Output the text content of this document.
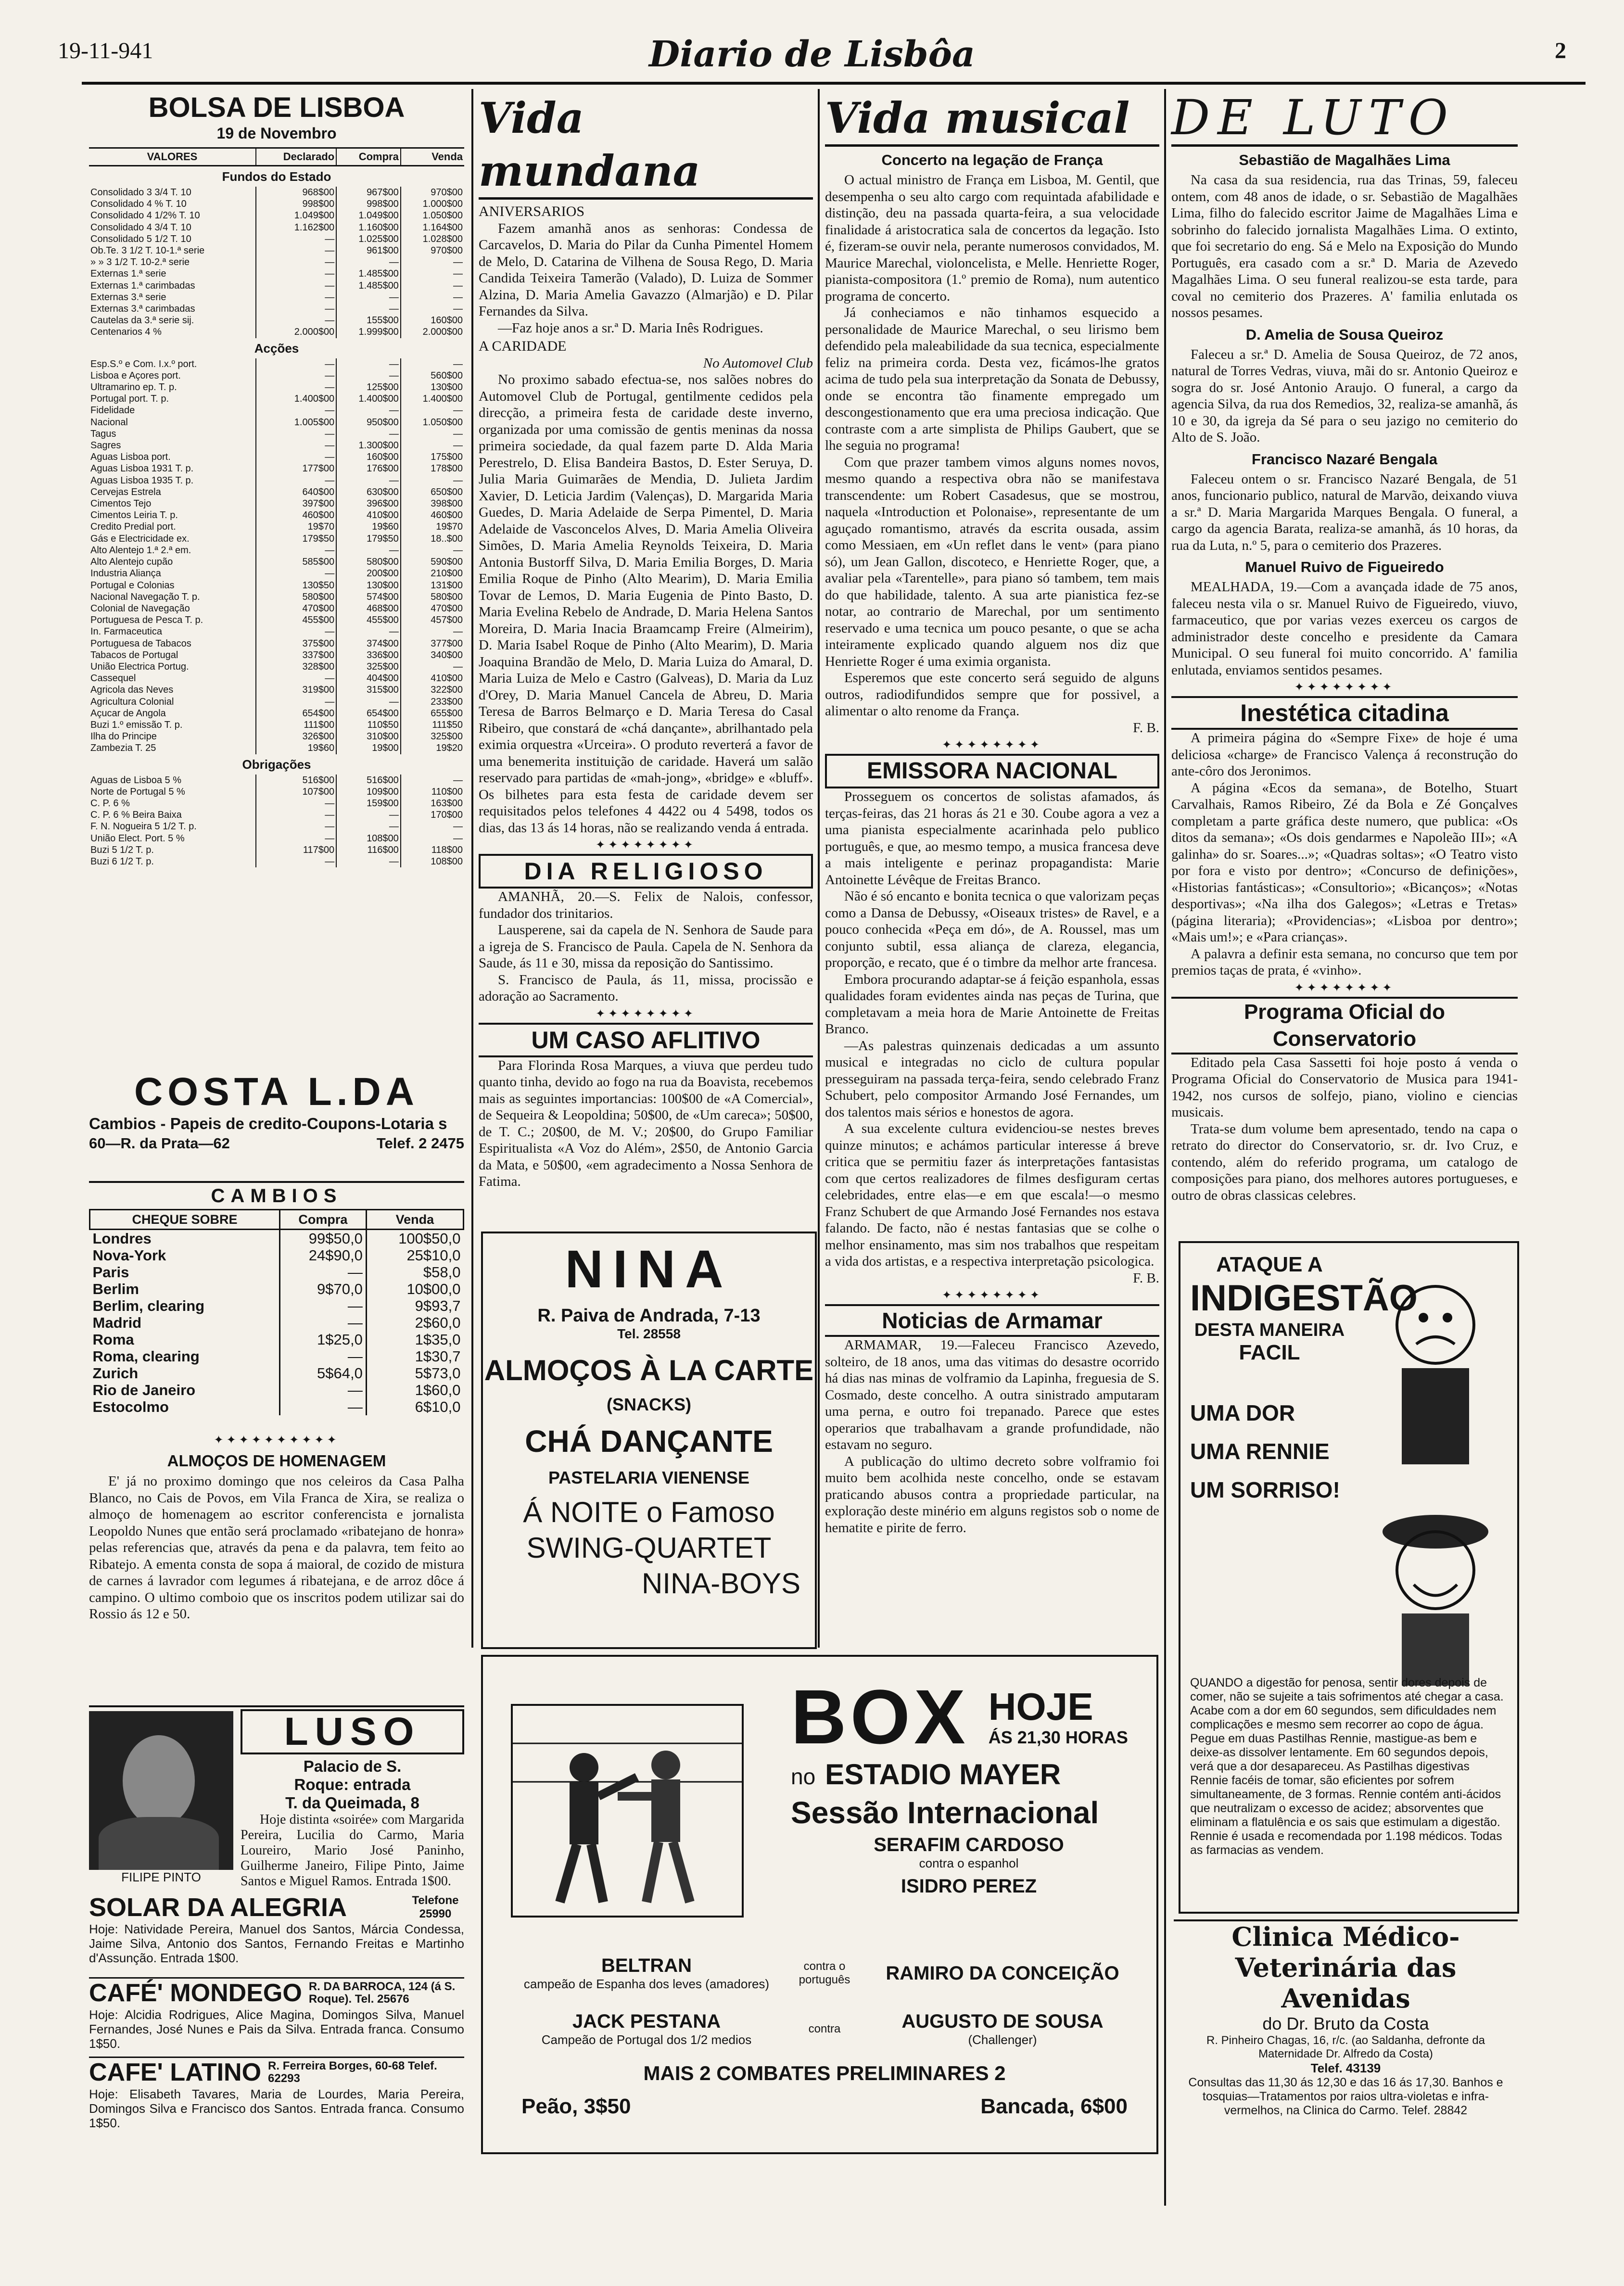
19-11-941	Diario de Lisbôa	2
BOLSA DE LISBOA
19 de Novembro
VALORES	Declarado	Compra	Venda
Fundos do Estado			
Consolidado 3 3/4 T. 10	968$00	967$00	970$00
Consolidado 4 % T. 10	998$00	998$00	1.000$00
Consolidado 4 1/2% T. 10	1.049$00	1.049$00	1.050$00
Consolidado 4 3/4 T. 10	1.162$00	1.160$00	1.164$00
Consolidado 5 1/2 T. 10	—	1.025$00	1.028$00
Ob.Te. 3 1/2 T. 10-1.ª serie	—	961$00	970$00
» » 3 1/2 T. 10-2.ª serie	—	—	—
Externas 1.ª serie	—	1.485$00	—
Externas 1.ª carimbadas	—	1.485$00	—
Externas 3.ª serie	—	—	—
Externas 3.ª carimbadas	—	—	—
Cautelas da 3.ª serie sij.	—	155$00	160$00
Centenarios 4 %	2.000$00	1.999$00	2.000$00
Acções			
Esp.S.º e Com. I.x.º port.	—	—	—
Lisboa e Açores port.	—	—	560$00
Ultramarino ep. T. p.	—	125$00	130$00
Portugal port. T. p.	1.400$00	1.400$00	1.400$00
Fidelidade	—	—	—
Nacional	1.005$00	950$00	1.050$00
Tagus	—	—	—
Sagres	—	1.300$00	—
Aguas Lisboa port.	—	160$00	175$00
Aguas Lisboa 1931 T. p.	177$00	176$00	178$00
Aguas Lisboa 1935 T. p.	—	—	—
Cervejas Estrela	640$00	630$00	650$00
Cimentos Tejo	397$00	396$00	398$00
Cimentos Leiria T. p.	460$00	410$00	460$00
Credito Predial port.	19$70	19$60	19$70
Gás e Electricidade ex.	179$50	179$50	18..$00
Alto Alentejo 1.ª 2.ª em.	—	—	—
Alto Alentejo cupão	585$00	580$00	590$00
Industria Aliança	—	200$00	210$00
Portugal e Colonias	130$50	130$00	131$00
Nacional Navegação T. p.	580$00	574$00	580$00
Colonial de Navegação	470$00	468$00	470$00
Portuguesa de Pesca T. p.	455$00	455$00	457$00
In. Farmaceutica	—	—	—
Portuguesa de Tabacos	375$00	374$00	377$00
Tabacos de Portugal	337$00	336$00	340$00
União Electrica Portug.	328$00	325$00	—
Cassequel	—	404$00	410$00
Agricola das Neves	319$00	315$00	322$00
Agricultura Colonial	—	—	233$00
Açucar de Angola	654$00	654$00	655$00
Buzi 1.º emissão T. p.	111$00	110$50	111$50
Ilha do Principe	326$00	310$00	325$00
Zambezia T. 25	19$60	19$00	19$20
Obrigações			
Aguas de Lisboa 5 %	516$00	516$00	—
Norte de Portugal 5 %	107$00	109$00	110$00
C. P. 6 %	—	159$00	163$00
C. P. 6 % Beira Baixa	—	—	170$00
F. N. Nogueira 5 1/2 T. p.	—	—	—
União Elect. Port. 5 %	—	108$00	—
Buzi 5 1/2 T. p.	117$00	116$00	118$00
Buzi 6 1/2 T. p.	—	—	108$00
COSTA L.DA
Cambios - Papeis de credito-Coupons-Lotaria s
60—R. da Prata—62	Telef. 2 2475
CAMBIOS
CHEQUE SOBRE	Compra	Venda
Londres	99$50,0	100$50,0
Nova-York	24$90,0	25$10,0
Paris	—	$58,0
Berlim	9$70,0	10$00,0
Berlim, clearing	—	9$93,7
Madrid	—	2$60,0
Roma	1$25,0	1$35,0
Roma, clearing	—	1$30,7
Zurich	5$64,0	5$73,0
Rio de Janeiro	—	1$60,0
Estocolmo	—	6$10,0
✦✦✦✦✦✦✦✦✦✦
ALMOÇOS DE HOMENAGEM

E' já no proximo domingo que nos celeiros da Casa Palha Blanco, no Cais de Povos, em Vila Franca de Xira, se realiza o almoço de homenagem ao escritor conferencista e jornalista Leopoldo Nunes que então será proclamado «ribatejano de honra» pelas referencias que, através da pena e da palavra, tem feito ao Ribatejo. A ementa consta de sopa á maioral, de cozido de mistura de carnes á lavrador com legumes á ribatejana, e de arroz dôce á campino. O ultimo comboio que os inscritos podem utilizar sai do Rossio ás 12 e 50.

FILIPE PINTO
LUSO
Palacio de S.
Roque: entrada
T. da Queimada, 8

Hoje distinta «soirée» com Margarida Pereira, Lucilia do Carmo, Maria Loureiro, Mario José Paninho, Guilherme Janeiro, Filipe Pinto, Jaime Santos e Miguel Ramos. Entrada 1$00.

SOLAR DA ALEGRIA	Telefone 25990
Hoje: Natividade Pereira, Manuel dos Santos, Márcia Condessa, Jaime Silva, Antonio dos Santos, Fernando Freitas e Martinho d'Assunção. Entrada 1$00.
CAFÉ' MONDEGO R. DA BARROCA, 124 (á S. Roque). Tel. 25676
Hoje: Alcidia Rodrigues, Alice Magina, Domingos Silva, Manuel Fernandes, José Nunes e Pais da Silva. Entrada franca. Consumo 1$50.
CAFE' LATINO R. Ferreira Borges, 60-68 Telef. 62293
Hoje: Elisabeth Tavares, Maria de Lourdes, Maria Pereira, Domingos Silva e Francisco dos Santos. Entrada franca. Consumo 1$50.
Vida mundana
ANIVERSARIOS

Fazem amanhã anos as senhoras: Condessa de Carcavelos, D. Maria do Pilar da Cunha Pimentel Homem de Melo, D. Catarina de Vilhena de Sousa Rego, D. Maria Candida Teixeira Tamerão (Valado), D. Luiza de Sommer Alzina, D. Maria Amelia Gavazzo (Almarjão) e D. Pilar Fernandes da Silva.

—Faz hoje anos a sr.ª D. Maria Inês Rodrigues.

A CARIDADE
No Automovel Club

No proximo sabado efectua-se, nos salões nobres do Automovel Club de Portugal, gentilmente cedidos pela direcção, a primeira festa de caridade deste inverno, organizada por uma comissão de gentis meninas da nossa primeira sociedade, da qual fazem parte D. Alda Maria Perestrelo, D. Elisa Bandeira Bastos, D. Ester Seruya, D. Julia Maria Guimarães de Mendia, D. Julieta Jardim Xavier, D. Leticia Jardim (Valenças), D. Margarida Maria Guedes, D. Maria Adelaide de Serpa Pimentel, D. Maria Adelaide de Vasconcelos Alves, D. Maria Amelia Oliveira Simões, D. Maria Amelia Reynolds Teixeira, D. Maria Antonia Bustorff Silva, D. Maria Emilia Borges, D. Maria Emilia Roque de Pinho (Alto Mearim), D. Maria Emilia Tovar de Lemos, D. Maria Eugenia de Pinto Basto, D. Maria Evelina Rebelo de Andrade, D. Maria Helena Santos Moreira, D. Maria Inacia Braamcamp Freire (Almeirim), D. Maria Isabel Roque de Pinho (Alto Mearim), D. Maria Joaquina Brandão de Melo, D. Maria Luiza do Amaral, D. Maria Luiza de Melo e Castro (Galveas), D. Maria da Luz d'Orey, D. Maria Manuel Cancela de Abreu, D. Maria Teresa de Barros Belmarço e D. Maria Teresa do Casal Ribeiro, que constará de «chá dançante», abrilhantado pela eximia orquestra «Urceira». O produto reverterá a favor de uma benemerita instituição de caridade. Haverá um salão reservado para partidas de «mah-jong», «bridge» e «bluff». Os bilhetes para esta festa de caridade devem ser requisitados pelos telefones 4 4422 ou 4 5498, todos os dias, das 13 ás 14 horas, não se realizando venda á entrada.

✦✦✦✦✦✦✦✦
DIA RELIGIOSO

AMANHÃ, 20.—S. Felix de Nalois, confessor, fundador dos trinitarios.

Lausperene, sai da capela de N. Senhora de Saude para a igreja de S. Francisco de Paula. Capela de N. Senhora da Saude, ás 11 e 30, missa da reposição do Santissimo.

S. Francisco de Paula, ás 11, missa, procissão e adoração ao Sacramento.

✦✦✦✦✦✦✦✦
UM CASO AFLITIVO

Para Florinda Rosa Marques, a viuva que perdeu tudo quanto tinha, devido ao fogo na rua da Boavista, recebemos mais as seguintes importancias: 100$00 de «A Comercial», de Sequeira & Leopoldina; 50$00, de «Um careca»; 50$00, de T. C.; 20$00, de M. V.; 20$00, do Grupo Familiar Espiritualista «A Voz do Além», 2$50, de Antonio Garcia da Mata, e 50$00, «em agradecimento a Nossa Senhora de Fatima.

Vida musical
Concerto na legação de França

O actual ministro de França em Lisboa, M. Gentil, que desempenha o seu alto cargo com requintada afabilidade e distinção, deu na passada quarta-feira, a sua velocidade finalidade á aristocratica sala de concertos da legação. Isto é, fizeram-se ouvir nela, perante numerosos convidados, M. Maurice Marechal, violoncelista, e Melle. Henriette Roger, pianista-compositora (1.º premio de Roma), num autentico programa de concerto.

Já conheciamos e não tinhamos esquecido a personalidade de Maurice Marechal, o seu lirismo bem defendido pela maleabilidade da sua tecnica, especialmente feliz na primeira corda. Desta vez, ficámos-lhe gratos acima de tudo pela sua interpretação da Sonata de Debussy, onde se encontra tão finamente empregado um descongestionamento que era uma preciosa indicação. Que contraste com a arte simplista de Philips Gaubert, que se lhe seguia no programa!

Com que prazer tambem vimos alguns nomes novos, mesmo quando a respectiva obra não se manifestava transcendente: um Robert Casadesus, que se mostrou, naquela «Introduction et Polonaise», representante de um aguçado romantismo, através da escrita ousada, assim como Messiaen, em «Un reflet dans le vent» (para piano só), um Jean Gallon, discoteco, e Henriette Roger, que, a avaliar pela «Tarentelle», para piano só tambem, tem mais do que habilidade, talento. A sua arte pianistica fez-se notar, ao contrario de Marechal, por um sentimento reservado e uma tecnica um pouco pesante, o que se acha inteiramente explicado quando alguem nos diz que Henriette Roger é uma eximia organista.

Esperemos que este concerto será seguido de alguns outros, radiodifundidos sempre que for possivel, a alimentar o alto renome da França.

F. B.
✦✦✦✦✦✦✦✦
EMISSORA NACIONAL

Prosseguem os concertos de solistas afamados, ás terças-feiras, das 21 horas ás 21 e 30. Coube agora a vez a uma pianista especialmente acarinhada pelo publico português, e que, ao mesmo tempo, a musica francesa deve a mais inteligente e perinaz propagandista: Marie Antoinette Lévêque de Freitas Branco.

Não é só encanto e bonita tecnica o que valorizam peças como a Dansa de Debussy, «Oiseaux tristes» de Ravel, e a pouco conhecida «Peça em dó», de A. Roussel, mas um conjunto subtil, essa aliança de clareza, elegancia, proporção, e recato, que é o timbre da melhor arte francesa.

Embora procurando adaptar-se á feição espanhola, essas qualidades foram evidentes ainda nas peças de Turina, que completavam a meia hora de Marie Antoinette de Freitas Branco.

—As palestras quinzenais dedicadas a um assunto musical e integradas no ciclo de cultura popular presseguiram na passada terça-feira, sendo celebrado Franz Schubert, pelo compositor Armando José Fernandes, um dos talentos mais sérios e honestos de agora.

A sua excelente cultura evidenciou-se nestes breves quinze minutos; e achámos particular interesse á breve critica que se permitiu fazer ás interpretações fantasistas com que certos realizadores de filmes desfiguram certas celebridades, entre elas—e em que escala!—o mesmo Franz Schubert de que Armando José Fernandes nos estava falando. De facto, não é nestas fantasias que se colhe o melhor ensinamento, mas sim nos trabalhos que respeitam a vida dos artistas, e a respectiva interpretação psicologica.

F. B.
✦✦✦✦✦✦✦✦
Noticias de Armamar

ARMAMAR, 19.—Faleceu Francisco Azevedo, solteiro, de 18 anos, uma das vitimas do desastre ocorrido há dias nas minas de volframio da Lapinha, freguesia de S. Cosmado, deste concelho. A outra sinistrado amputaram uma perna, e outro foi trepanado. Parece que estes operarios que trabalhavam a grande profundidade, não estavam no seguro.

A publicação do ultimo decreto sobre volframio foi muito bem acolhida neste concelho, onde se estavam praticando abusos contra a propriedade particular, na exploração deste minério em alguns registos sob o nome de hematite e pirite de ferro.

NINA
R. Paiva de Andrada, 7-13
Tel. 28558
ALMOÇOS À LA CARTE
(SNACKS)
CHÁ DANÇANTE
PASTELARIA VIENENSE
Á NOITE o Famoso
SWING-QUARTET
NINA-BOYS
BOX HOJE
ÁS 21,30 HORAS
no ESTADIO MAYER
Sessão Internacional
SERAFIM CARDOSO
contra o espanhol
ISIDRO PEREZ
BELTRAN
campeão de Espanha dos leves (amadores)
contra o português	RAMIRO DA CONCEIÇÃO
JACK PESTANA
Campeão de Portugal dos 1/2 medios
contra	AUGUSTO DE SOUSA
(Challenger)
MAIS 2 COMBATES PRELIMINARES 2
Peão, 3$50	Bancada, 6$00
DE LUTO
Sebastião de Magalhães Lima

Na casa da sua residencia, rua das Trinas, 59, faleceu ontem, com 48 anos de idade, o sr. Sebastião de Magalhães Lima, filho do falecido escritor Jaime de Magalhães Lima e sobrinho do falecido jornalista Magalhães Lima. O extinto, que foi secretario do eng. Sá e Melo na Exposição do Mundo Português, era casado com a sr.ª D. Maria de Azevedo Magalhães Lima. O seu funeral realizou-se esta tarde, para coval no cemiterio dos Prazeres. A' familia enlutada os nossos pesames.

D. Amelia de Sousa Queiroz

Faleceu a sr.ª D. Amelia de Sousa Queiroz, de 72 anos, natural de Torres Vedras, viuva, mãi do sr. Antonio Queiroz e sogra do sr. José Antonio Araujo. O funeral, a cargo da agencia Silva, da rua dos Remedios, 32, realiza-se amanhã, ás 10 e 30, da igreja da Sé para o seu jazigo no cemiterio do Alto de S. João.

Francisco Nazaré Bengala

Faleceu ontem o sr. Francisco Nazaré Bengala, de 51 anos, funcionario publico, natural de Marvão, deixando viuva a sr.ª D. Maria Margarida Marques Bengala. O funeral, a cargo da agencia Barata, realiza-se amanhã, ás 10 horas, da rua da Luta, n.º 5, para o cemiterio dos Prazeres.

Manuel Ruivo de Figueiredo

MEALHADA, 19.—Com a avançada idade de 75 anos, faleceu nesta vila o sr. Manuel Ruivo de Figueiredo, viuvo, farmaceutico, que por varias vezes exerceu os cargos de administrador deste concelho e presidente da Camara Municipal. O seu funeral foi muito concorrido. A' familia enlutada, enviamos sentidos pesames.

✦✦✦✦✦✦✦✦
Inestética citadina

A primeira página do «Sempre Fixe» de hoje é uma deliciosa «charge» de Francisco Valença á reconstrução do ante-côro dos Jeronimos.

A página «Ecos da semana», de Botelho, Stuart Carvalhais, Ramos Ribeiro, Zé da Bola e Zé Gonçalves completam a parte gráfica deste numero, que publica: «Os ditos da semana»; «Os dois gendarmes e Napoleão III»; «A galinha» do sr. Soares...»; «Quadras soltas»; «O Teatro visto por fora e visto por dentro»; «Concurso de definições», «Historias fantásticas»; «Consultorio»; «Bicanços»; «Notas desportivas»; «Na ilha dos Galegos»; «Letras e Tretas» (página literaria); «Providencias»; «Lisboa por dentro»; «Mais um!»; e «Para crianças».

A palavra a definir esta semana, no concurso que tem por premios taças de prata, é «vinho».

✦✦✦✦✦✦✦✦
Programa Oficial do Conservatorio

Editado pela Casa Sassetti foi hoje posto á venda o Programa Oficial do Conservatorio de Musica para 1941-1942, nos cursos de solfejo, piano, violino e ciencias musicais.

Trata-se dum volume bem apresentado, tendo na capa o retrato do director do Conservatorio, sr. dr. Ivo Cruz, e contendo, além do referido programa, um catalogo de composições para piano, dos melhores autores portugueses, e outro de obras classicas celebres.

ATAQUE A
INDIGESTÃO
DESTA MANEIRA
FACIL
UMA DOR
UMA RENNIE
UM SORRISO!
QUANDO a digestão for penosa, sentir dores depois de comer, não se sujeite a tais sofrimentos até chegar a casa. Acabe com a dor em 60 segundos, sem dificuldades nem complicações e mesmo sem recorrer ao copo de água. Pegue em duas Pastilhas Rennie, mastigue-as bem e deixe-as dissolver lentamente. Em 60 segundos depois, verá que a dor desapareceu. As Pastilhas digestivas Rennie facéis de tomar, são eficientes por sofrem simultaneamente, de 3 formas. Rennie contém anti-ácidos que neutralizam o excesso de acidez; absorventes que eliminam a flatulência e os sais que estimulam a digestão. Rennie é usada e recomendada por 1.198 médicos. Todas as farmacias as vendem.
Clinica Médico-Veterinária das Avenidas
do Dr. Bruto da Costa
R. Pinheiro Chagas, 16, r/c. (ao Saldanha, defronte da Maternidade Dr. Alfredo da Costa)
Telef. 43139
Consultas das 11,30 ás 12,30 e das 16 ás 17,30. Banhos e tosquias—Tratamentos por raios ultra-violetas e infra-vermelhos, na Clinica do Carmo. Telef. 28842
